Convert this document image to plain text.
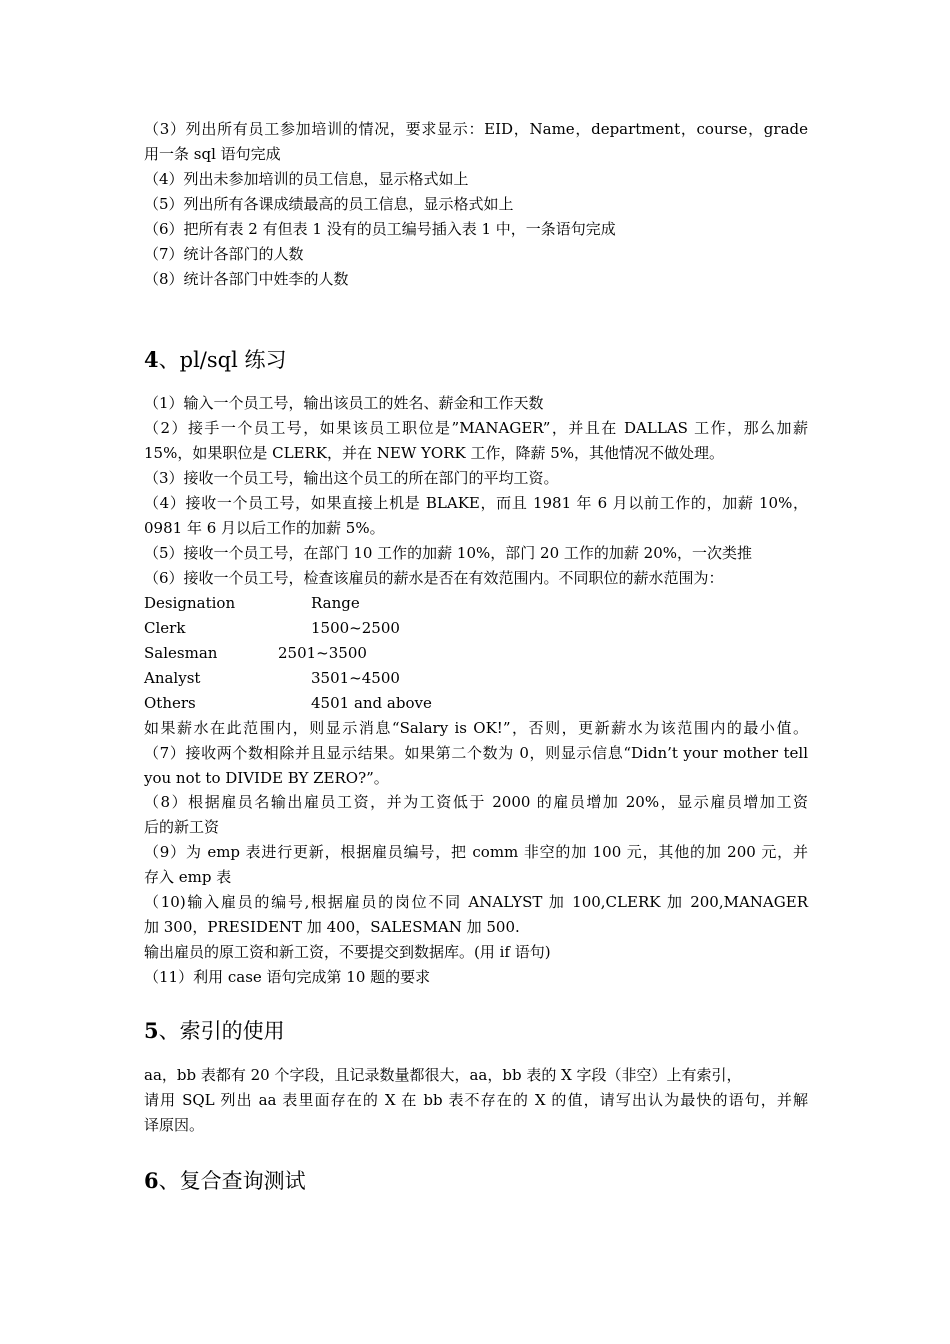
（3）列出所有员工参加培训的情况，要求显示：EID，Name，department，course，grade
用一条 sql 语句完成
（4）列出未参加培训的员工信息，显示格式如上
（5）列出所有各课成绩最高的员工信息，显示格式如上
（6）把所有表 2 有但表 1 没有的员工编号插入表 1 中，一条语句完成
（7）统计各部门的人数
（8）统计各部门中姓李的人数
4、pl/sql 练习
（1）输入一个员工号，输出该员工的姓名、薪金和工作天数
（2）接手一个员工号，如果该员工职位是”MANAGER”，并且在 DALLAS 工作，那么加薪
15%，如果职位是 CLERK，并在 NEW YORK 工作，降薪 5%，其他情况不做处理。
（3）接收一个员工号，输出这个员工的所在部门的平均工资。
（4）接收一个员工号，如果直接上机是 BLAKE，而且 1981 年 6 月以前工作的，加薪 10%，
0981 年 6 月以后工作的加薪 5%。
（5）接收一个员工号，在部门 10 工作的加薪 10%，部门 20 工作的加薪 20%，一次类推
（6）接收一个员工号，检查该雇员的薪水是否在有效范围内。不同职位的薪水范围为：
Designation	Range
Clerk	1500~2500
Salesman	2501~3500
Analyst	3501~4500
Others	4501 and above
如果薪水在此范围内，则显示消息“Salary is OK!”，否则，更新薪水为该范围内的最小值。
（7）接收两个数相除并且显示结果。如果第二个数为 0，则显示信息“Didn’t your mother tell
you not to DIVIDE BY ZERO?”。
（8）根据雇员名输出雇员工资，并为工资低于 2000 的雇员增加 20%，显示雇员增加工资
后的新工资
（9）为 emp 表进行更新，根据雇员编号，把 comm 非空的加 100 元，其他的加 200 元，并
存入 emp 表
（10)输入雇员的编号,根据雇员的岗位不同 ANALYST 加 100,CLERK 加 200,MANAGER
加 300，PRESIDENT 加 400，SALESMAN 加 500.
输出雇员的原工资和新工资，不要提交到数据库。(用 if 语句)
（11）利用 case 语句完成第 10 题的要求
5、索引的使用
aa，bb 表都有 20 个字段，且记录数量都很大，aa，bb 表的 X 字段（非空）上有索引，
请用 SQL 列出 aa 表里面存在的 X 在 bb 表不存在的 X 的值，请写出认为最快的语句，并解
译原因。
6、复合查询测试
